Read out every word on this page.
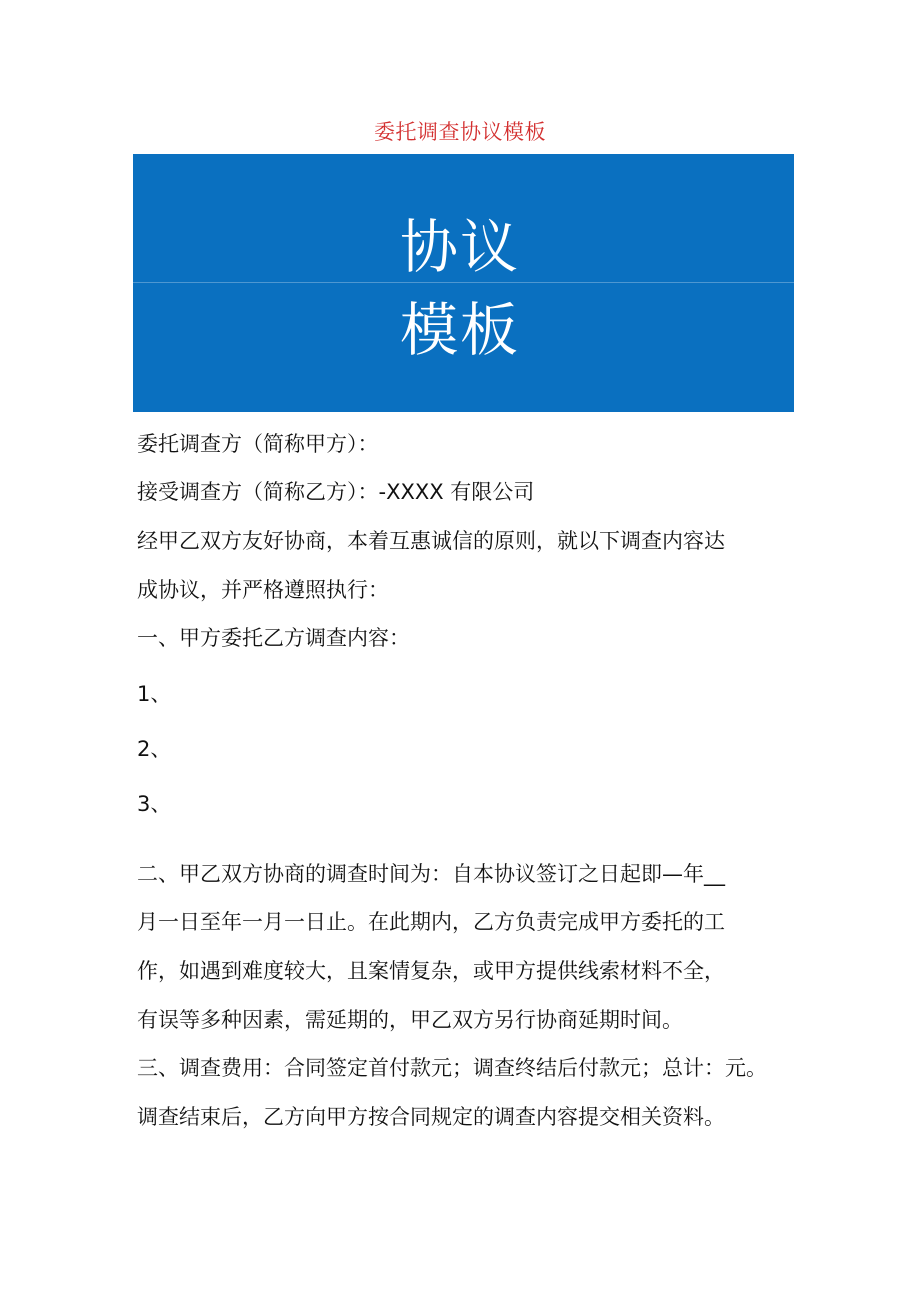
委托调查协议模板
协议
模板
委托调查方（简称甲方）：
接受调查方（简称乙方）：-XXXX 有限公司
经甲乙双方友好协商，本着互惠诚信的原则，就以下调查内容达
成协议，并严格遵照执行：
一、甲方委托乙方调查内容：
1、
2、
3、
二、甲乙双方协商的调查时间为：自本协议签订之日起即—年__
月一日至年一月一日止。在此期内，乙方负责完成甲方委托的工
作，如遇到难度较大，且案情复杂，或甲方提供线索材料不全，
有误等多种因素，需延期的，甲乙双方另行协商延期时间。
三、调查费用：合同签定首付款元；调查终结后付款元；总计：元。
调查结束后，乙方向甲方按合同规定的调查内容提交相关资料。
